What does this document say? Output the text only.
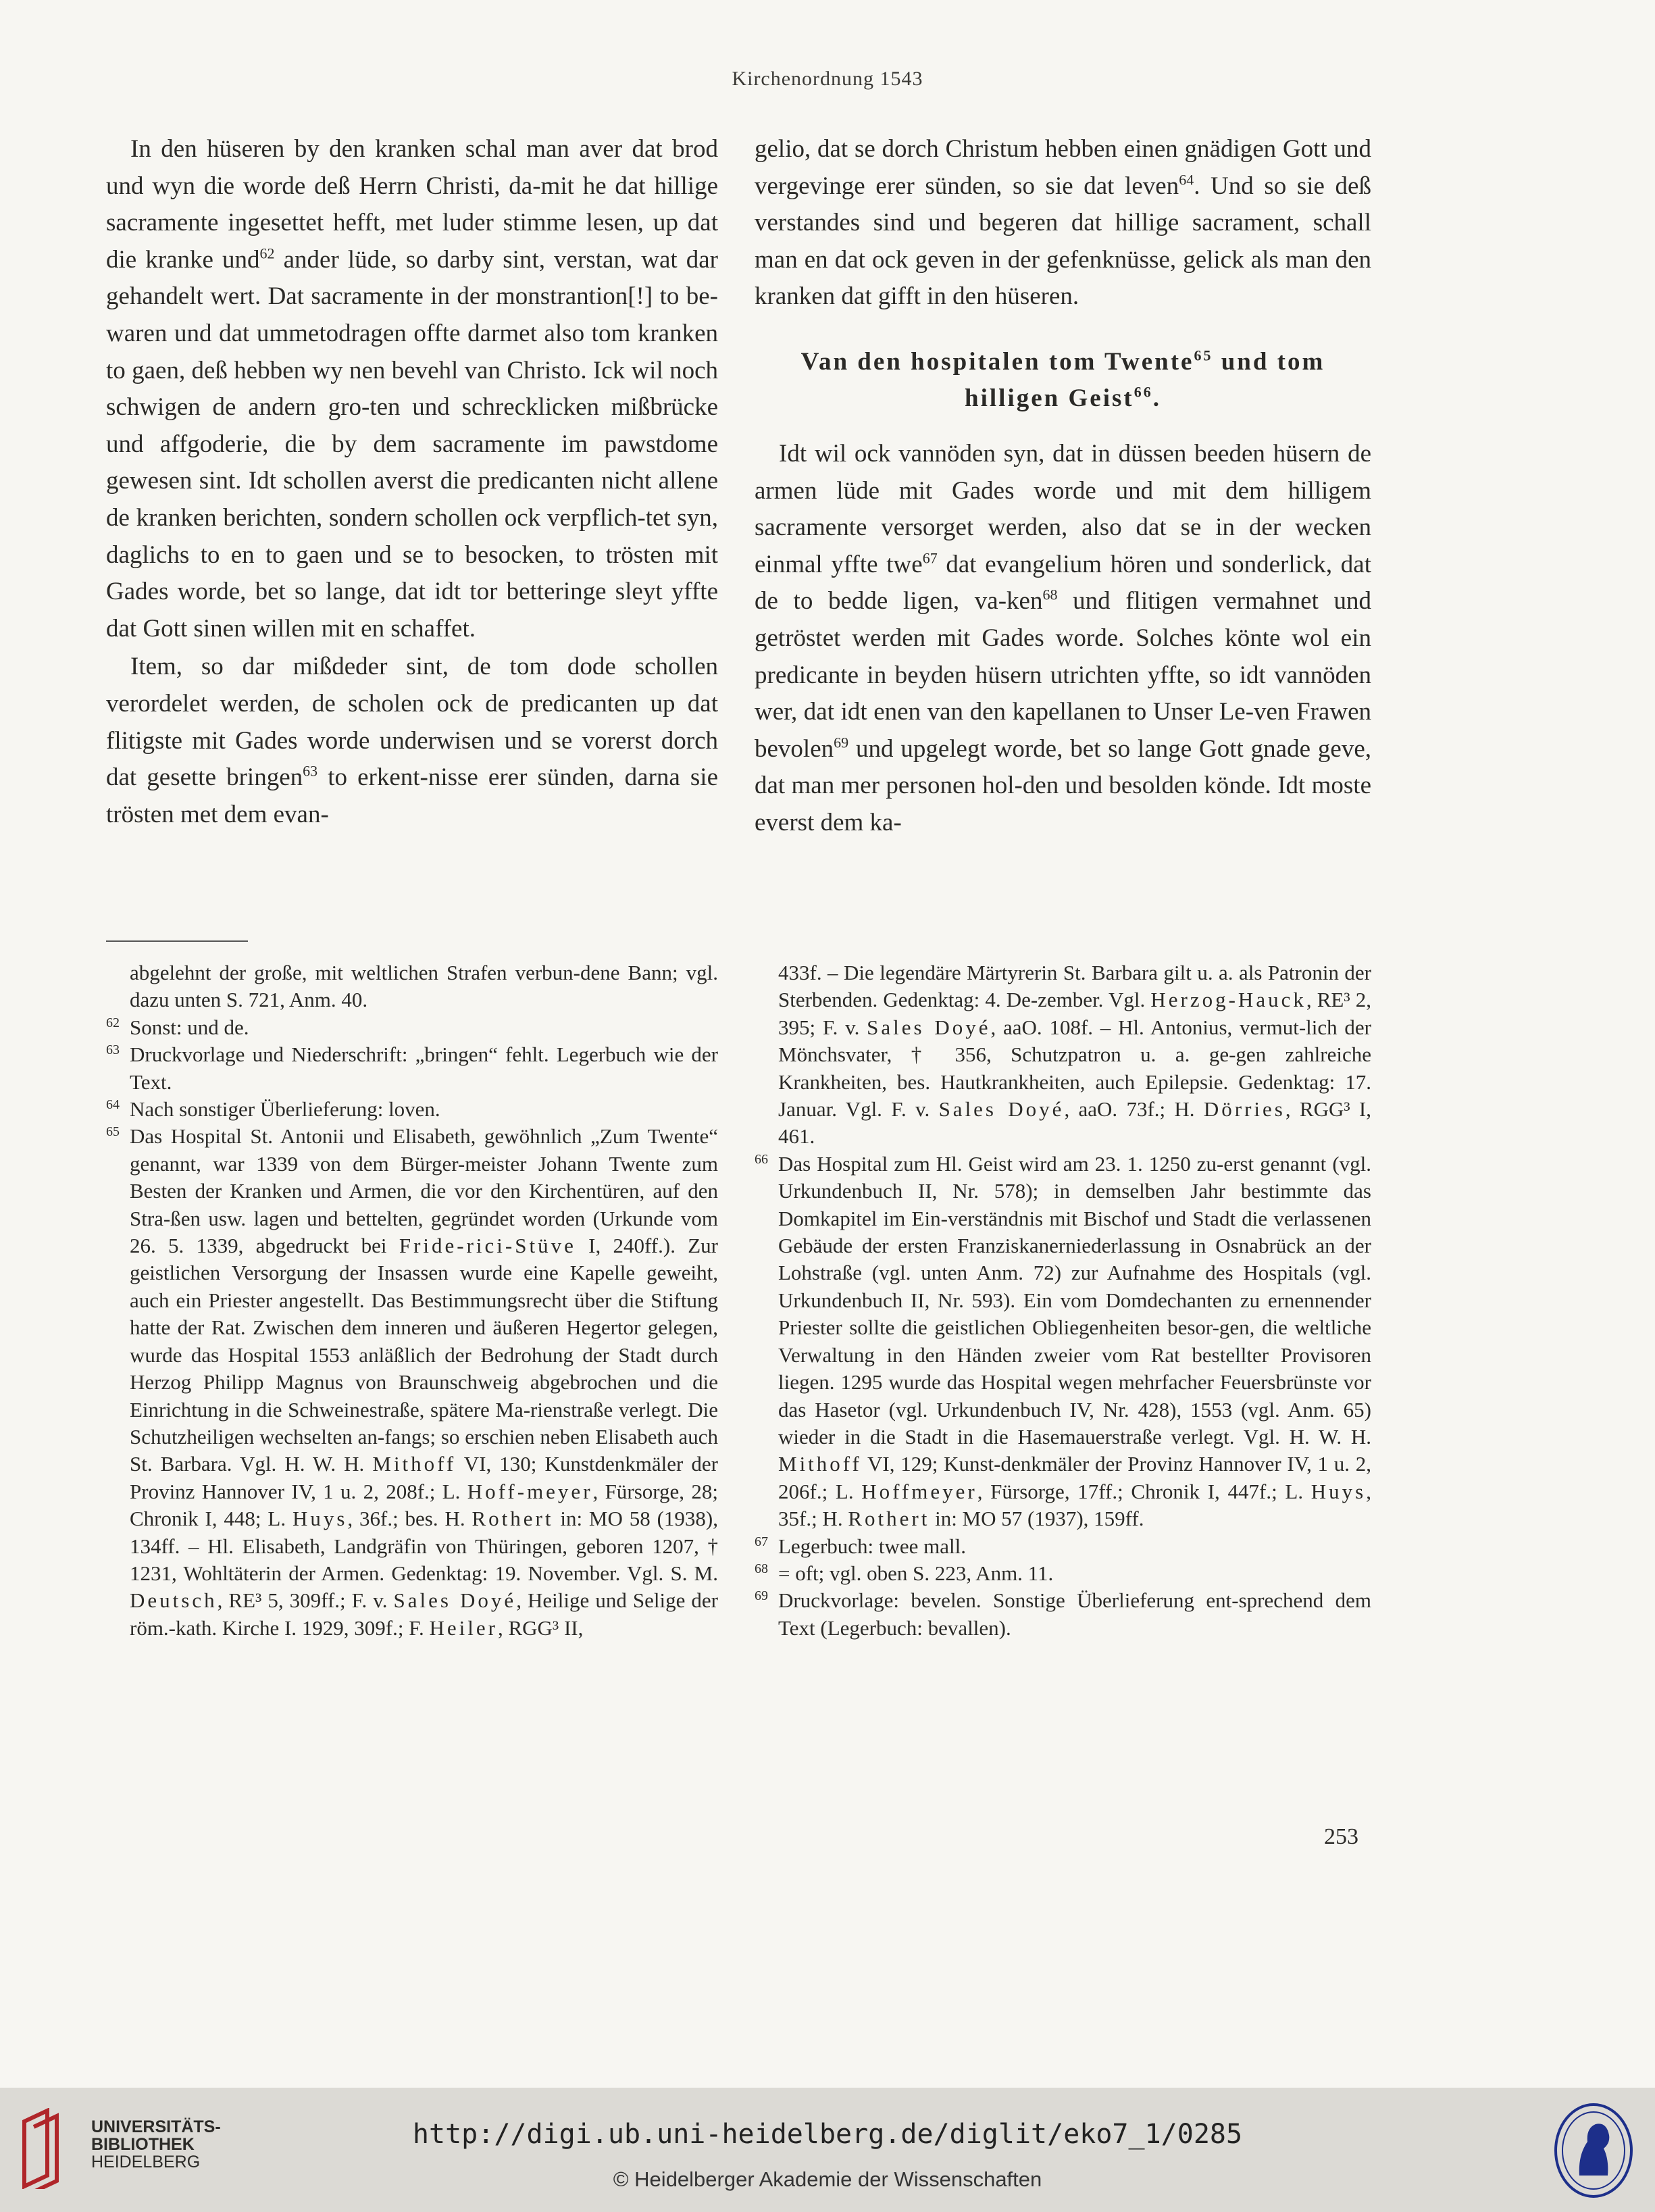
Kirchenordnung 1543

In den hüseren by den kranken schal man aver dat brod und wyn die worde deß Herrn Christi, da-mit he dat hillige sacramente ingesettet hefft, met luder stimme lesen, up dat die kranke und$^{62}$ ander lüde, so darby sint, verstan, wat dar gehandelt wert. Dat sacramente in der monstrantion[!] to be-waren und dat ummetodragen offte darmet also tom kranken to gaen, deß hebben wy nen bevehl van Christo. Ick wil noch schwigen de andern gro-ten und schrecklicken mißbrücke und affgoderie, die by dem sacramente im pawstdome gewesen sint. Idt schollen averst die predicanten nicht allene de kranken berichten, sondern schollen ock verpflich-tet syn, daglichs to en to gaen und se to besocken, to trösten mit Gades worde, bet so lange, dat idt tor betteringe sleyt yffte dat Gott sinen willen mit en schaffet.

Item, so dar mißdeder sint, de tom dode schollen verordelet werden, de scholen ock de predicanten up dat flitigste mit Gades worde underwisen und se vorerst dorch dat gesette bringen$^{63}$ to erkent-nisse erer sünden, darna sie trösten met dem evan-

gelio, dat se dorch Christum hebben einen gnädigen Gott und vergevinge erer sünden, so sie dat leven$^{64}$. Und so sie deß verstandes sind und begeren dat hillige sacrament, schall man en dat ock geven in der gefenknüsse, gelick als man den kranken dat gifft in den hüseren.

Van den hospitalen tom Twente$^{65}$ und tom hilligen Geist$^{66}$.

Idt wil ock vannöden syn, dat in düssen beeden hüsern de armen lüde mit Gades worde und mit dem hilligem sacramente versorget werden, also dat se in der wecken einmal yffte twe$^{67}$ dat evangelium hören und sonderlick, dat de to bedde ligen, va-ken$^{68}$ und flitigen vermahnet und getröstet werden mit Gades worde. Solches könte wol ein predicante in beyden hüsern utrichten yffte, so idt vannöden wer, dat idt enen van den kapellanen to Unser Le-ven Frawen bevolen$^{69}$ und upgelegt worde, bet so lange Gott gnade geve, dat man mer personen hol-den und besolden könde. Idt moste everst dem ka-

abgelehnt der große, mit weltlichen Strafen verbun-dene Bann; vgl. dazu unten S. 721, Anm. 40.
62 Sonst: und de.
63 Druckvorlage und Niederschrift: „bringen“ fehlt. Legerbuch wie der Text.
64 Nach sonstiger Überlieferung: loven.
65 Das Hospital St. Antonii und Elisabeth, gewöhnlich „Zum Twente“ genannt, war 1339 von dem Bürger-meister Johann Twente zum Besten der Kranken und Armen, die vor den Kirchentüren, auf den Stra-ßen usw. lagen und bettelten, gegründet worden (Urkunde vom 26. 5. 1339, abgedruckt bei Fride-rici-Stüve I, 240ff.). Zur geistlichen Versorgung der Insassen wurde eine Kapelle geweiht, auch ein Priester angestellt. Das Bestimmungsrecht über die Stiftung hatte der Rat. Zwischen dem inneren und äußeren Hegertor gelegen, wurde das Hospital 1553 anläßlich der Bedrohung der Stadt durch Herzog Philipp Magnus von Braunschweig abgebrochen und die Einrichtung in die Schweinestraße, spätere Ma-rienstraße verlegt. Die Schutzheiligen wechselten an-fangs; so erschien neben Elisabeth auch St. Barbara. Vgl. H. W. H. Mithoff VI, 130; Kunstdenkmäler der Provinz Hannover IV, 1 u. 2, 208f.; L. Hoff-meyer, Fürsorge, 28; Chronik I, 448; L. Huys, 36f.; bes. H. Rothert in: MO 58 (1938), 134ff. – Hl. Elisabeth, Landgräfin von Thüringen, geboren 1207, † 1231, Wohltäterin der Armen. Gedenktag: 19. November. Vgl. S. M. Deutsch, RE³ 5, 309ff.; F. v. Sales Doyé, Heilige und Selige der röm.-kath. Kirche I. 1929, 309f.; F. Heiler, RGG³ II,
433f. – Die legendäre Märtyrerin St. Barbara gilt u. a. als Patronin der Sterbenden. Gedenktag: 4. De-zember. Vgl. Herzog-Hauck, RE³ 2, 395; F. v. Sales Doyé, aaO. 108f. – Hl. Antonius, vermut-lich der Mönchsvater, † 356, Schutzpatron u. a. ge-gen zahlreiche Krankheiten, bes. Hautkrankheiten, auch Epilepsie. Gedenktag: 17. Januar. Vgl. F. v. Sales Doyé, aaO. 73f.; H. Dörries, RGG³ I, 461.
66 Das Hospital zum Hl. Geist wird am 23. 1. 1250 zu-erst genannt (vgl. Urkundenbuch II, Nr. 578); in demselben Jahr bestimmte das Domkapitel im Ein-verständnis mit Bischof und Stadt die verlassenen Gebäude der ersten Franziskanerniederlassung in Osnabrück an der Lohstraße (vgl. unten Anm. 72) zur Aufnahme des Hospitals (vgl. Urkundenbuch II, Nr. 593). Ein vom Domdechanten zu ernennender Priester sollte die geistlichen Obliegenheiten besor-gen, die weltliche Verwaltung in den Händen zweier vom Rat bestellter Provisoren liegen. 1295 wurde das Hospital wegen mehrfacher Feuersbrünste vor das Hasetor (vgl. Urkundenbuch IV, Nr. 428), 1553 (vgl. Anm. 65) wieder in die Stadt in die Hasemauerstraße verlegt. Vgl. H. W. H. Mithoff VI, 129; Kunst-denkmäler der Provinz Hannover IV, 1 u. 2, 206f.; L. Hoffmeyer, Fürsorge, 17ff.; Chronik I, 447f.; L. Huys, 35f.; H. Rothert in: MO 57 (1937), 159ff.
67 Legerbuch: twee mall.
68 = oft; vgl. oben S. 223, Anm. 11.
69 Druckvorlage: bevelen. Sonstige Überlieferung ent-sprechend dem Text (Legerbuch: bevallen).
253
UNIVERSITÄTS-
BIBLIOTHEK
HEIDELBERG
http://digi.ub.uni-heidelberg.de/diglit/eko7_1/0285
© Heidelberger Akademie der Wissenschaften
